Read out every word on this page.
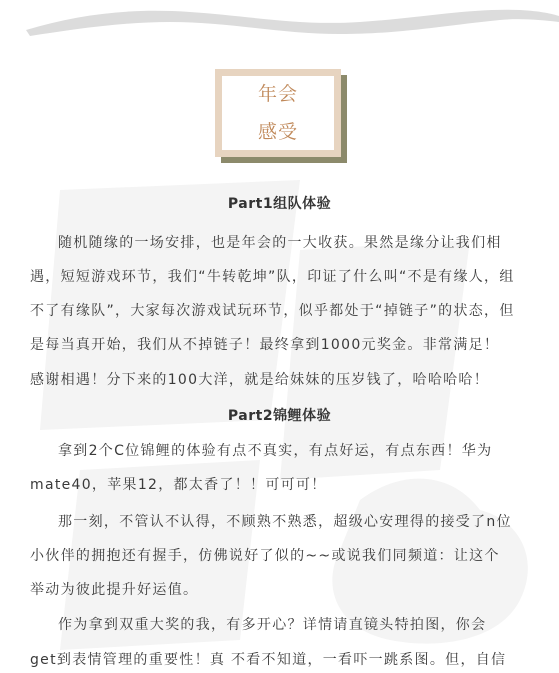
年会
感受
Part1组队体验
随机随缘的一场安排，也是年会的一大收获。果然是缘分让我们相
遇，短短游戏环节，我们“牛转乾坤”队，印证了什么叫“不是有缘人，组
不了有缘队”，大家每次游戏试玩环节，似乎都处于“掉链子”的状态，但
是每当真开始，我们从不掉链子！最终拿到1000元奖金。非常满足！
感谢相遇！分下来的100大洋，就是给妹妹的压岁钱了，哈哈哈哈！
Part2锦鲤体验
拿到2个C位锦鲤的体验有点不真实，有点好运，有点东西！华为
mate40，苹果12，都太香了！！可可可！
那一刻，不管认不认得，不顾熟不熟悉，超级心安理得的接受了n位
小伙伴的拥抱还有握手，仿佛说好了似的~~或说我们同频道：让这个
举动为彼此提升好运值。
作为拿到双重大奖的我，有多开心？详情请直镜头特拍图，你会
get到表情管理的重要性！真 不看不知道，一看吓一跳系图。但，自信
